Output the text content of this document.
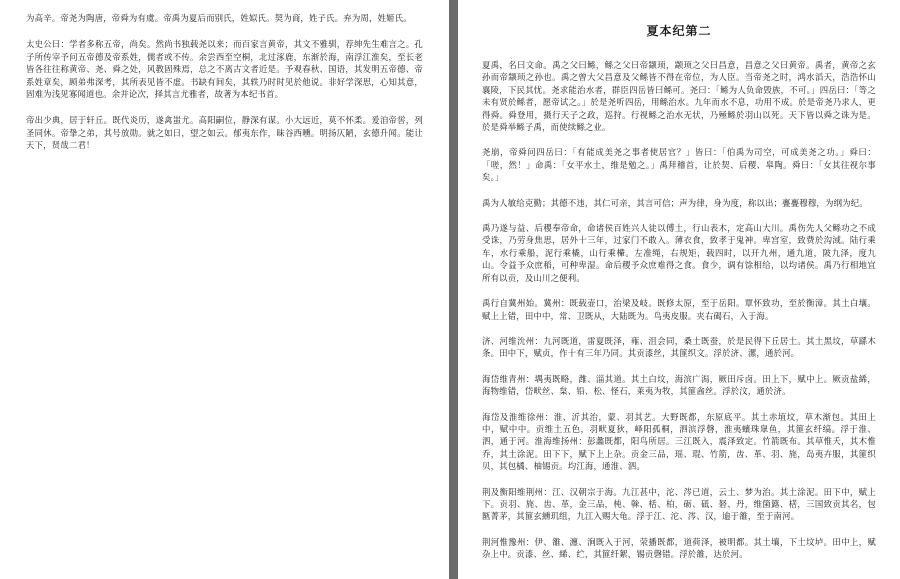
为高辛。帝尧为陶唐，帝舜为有虞。帝禹为夏后而别氏，姓姒氏。契为商，姓子氏。弃为周，姓姬氏。

太史公曰：学者多称五帝，尚矣。然尚书独载尧以来；而百家言黄帝，其文不雅驯，荐绅先生难言之。孔子所传宰予问五帝德及帝系姓，儒者或不传。余尝西至空桐，北过涿鹿，东渐於海，南浮江淮矣，至长老皆各往往称黄帝、尧、舜之处，风教固殊焉，总之不离古文者近是。予观春秋、国语，其发明五帝德、帝系姓章矣，顾弟弗深考，其所表见皆不虚。书缺有间矣，其轶乃时时见於他说。非好学深思，心知其意，固难为浅见寡闻道也。余并论次，择其言尤雅者，故著为本纪书首。

帝出少典，居于轩丘。既代炎历，遂禽蚩尤。高阳嗣位，静深有谋。小大远近，莫不怀柔。爰洎帝喾，列圣同休。帝挚之弟，其号放勋。就之如日，望之如云。郁夷东作，昧谷西曛。明扬仄陋，玄德升闻。能让天下，贤哉二君！

夏本纪第二

夏禹，名曰文命。禹之父曰鲧，鲧之父曰帝颛顼，颛顼之父曰昌意，昌意之父曰黄帝。禹者，黄帝之玄孙而帝颛顼之孙也。禹之曾大父昌意及父鲧皆不得在帝位，为人臣。当帝尧之时，鸿水滔天，浩浩怀山襄陵，下民其忧。尧求能治水者，群臣四岳皆曰鲧可。尧曰：「鲧为人负命毁族，不可。」四岳曰：「等之未有贤於鲧者，愿帝试之。」於是尧听四岳，用鲧治水。九年而水不息，功用不成。於是帝尧乃求人，更得舜。舜登用，摄行天子之政，巡狩。行视鲧之治水无状，乃殛鲧於羽山以死。天下皆以舜之诛为是。於是舜举鲧子禹，而使续鲧之业。

尧崩，帝舜问四岳曰：「有能成美尧之事者使居官？」皆曰：「伯禹为司空，可成美尧之功。」舜曰：「嗟，然！」命禹：「女平水土，维是勉之。」禹拜稽首，让於契、后稷、皋陶。舜曰：「女其往视尔事矣。」

禹为人敏给克勤；其德不违，其仁可亲，其言可信；声为律，身为度，称以出；亹亹穆穆，为纲为纪。

禹乃遂与益、后稷奉帝命，命诸侯百姓兴人徒以傅土，行山表木，定高山大川。禹伤先人父鲧功之不成受诛，乃劳身焦思，居外十三年，过家门不敢入。薄衣食，致孝于鬼神。卑宫室，致费於沟淢。陆行乘车，水行乘船，泥行乘橇，山行乘檋。左准绳，右规矩，载四时，以开九州，通九道，陂九泽，度九山。令益予众庶稻，可种卑湿。命后稷予众庶难得之食。食少，调有馀相给，以均诸侯。禹乃行相地宜所有以贡，及山川之便利。

禹行自冀州始。冀州：既载壶口，治梁及岐。既修太原，至于岳阳。覃怀致功，至於衡漳。其土白壤。赋上上错，田中中，常、卫既从，大陆既为。鸟夷皮服。夹右碣石，入于海。

济、河维沇州：九河既道，雷夏既泽，雍、沮会同，桑土既蚕，於是民得下丘居土。其土黑坟，草繇木条。田中下，赋贞，作十有三年乃同。其贡漆丝，其篚织文。浮於济、漯，通於河。

海岱维青州：堣夷既略，潍、淄其道。其土白坟，海滨广潟，厥田斥卤。田上下，赋中上。厥贡盐絺，海物维错，岱畎丝、枲、铅、松、怪石，莱夷为牧，其篚酓丝。浮於汶，通於济。

海岱及淮维徐州：淮、沂其治，蒙、羽其艺。大野既都，东原底平。其土赤埴坟，草木渐包。其田上中，赋中中。贡维土五色，羽畎夏狄，峄阳孤桐，泗滨浮磬，淮夷蠙珠臮鱼，其篚玄纤缟。浮于淮、泗，通于河。淮海维扬州：彭蠡既都，阳鸟所居。三江既入，震泽致定。竹箭既布。其草惟夭，其木惟乔，其土涂泥。田下下，赋下上上杂。贡金三品，瑶、琨、竹箭，齿、革、羽、旄，岛夷卉服，其篚织贝，其包橘、柚锡贡。均江海，通淮、泗。

荆及衡阳维荆州：江、汉朝宗于海。九江甚中，沱、涔已道，云土、梦为治。其土涂泥。田下中，赋上下。贡羽、旄、齿、革，金三品，杶、榦、栝、柏，砺、砥、砮、丹，维箘簬、楛，三国致贡其名，包匦菁茅，其篚玄纁玑组，九江入赐大龟。浮于江、沱、涔、汉，逾于雒，至于南河。

荆河惟豫州：伊、雒、瀍、涧既入于河，荥播既都，道荷泽，被明都。其土壤，下土坟垆。田中上，赋杂上中。贡漆、丝、絺、纻，其篚纤絮，锡贡磬错。浮於雒，达於河。
